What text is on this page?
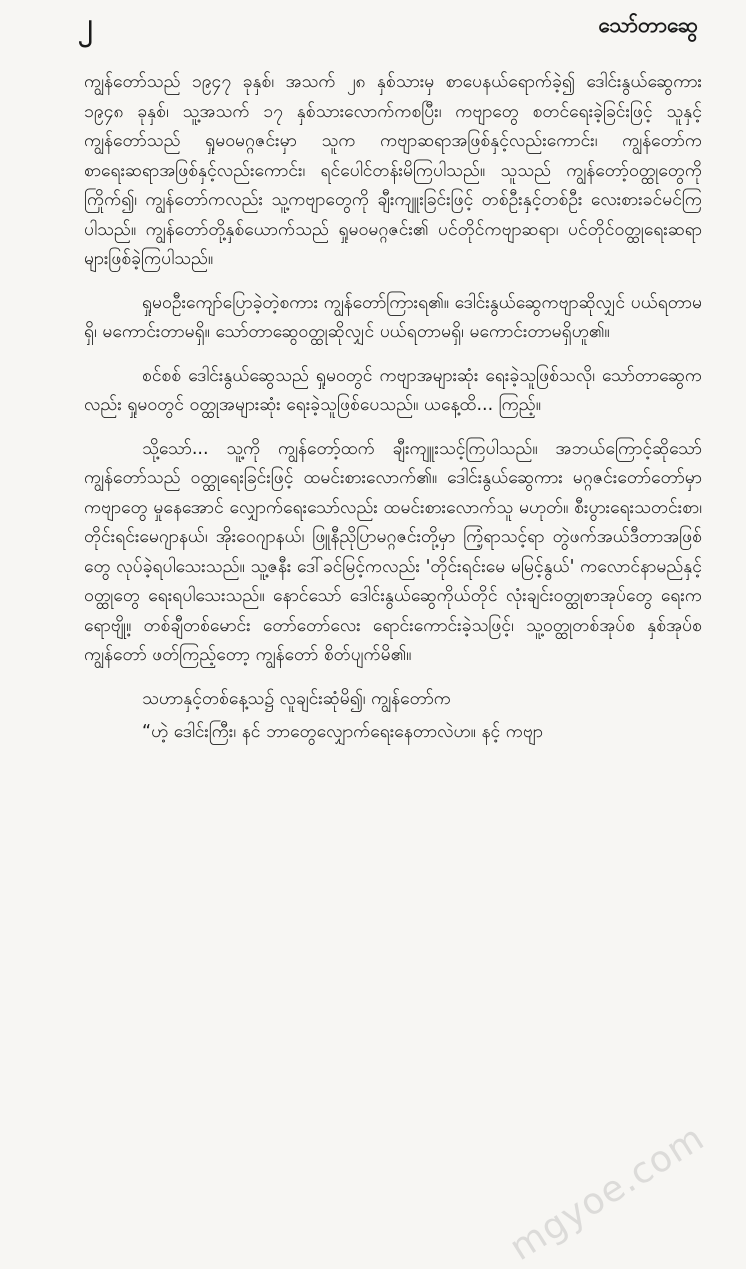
၂	သော်တာဆွေ

ကျွန်တော်သည် ၁၉၄၇ ခုနှစ်၊ အသက် ၂၈ နှစ်သားမှ စာပေနယ်ရောက်ခဲ့၍ ဒေါင်းနွယ်ဆွေကား ၁၉၄၈ ခုနှစ်၊ သူ့အသက် ၁၇ နှစ်သားလောက်ကစပြီး၊ ကဗျာတွေ စတင်ရေးခဲ့ခြင်းဖြင့် သူနှင့် ကျွန်တော်သည် ရှုမဝမဂ္ဂဇင်းမှာ သူက ကဗျာဆရာအဖြစ်နှင့်လည်းကောင်း၊ ကျွန်တော်က စာရေးဆရာအဖြစ်နှင့်လည်းကောင်း၊ ရင်ပေါင်တန်းမိကြပါသည်။ သူသည် ကျွန်တော့်ဝတ္ထုတွေကို ကြိုက်၍၊ ကျွန်တော်ကလည်း သူ့ကဗျာတွေကို ချီးကျူးခြင်းဖြင့် တစ်ဦးနှင့်တစ်ဦး လေးစားခင်မင်ကြပါသည်။ ကျွန်တော်တို့နှစ်ယောက်သည် ရှုမဝမဂ္ဂဇင်း၏ ပင်တိုင်ကဗျာဆရာ၊ ပင်တိုင်ဝတ္ထုရေးဆရာများဖြစ်ခဲ့ကြပါသည်။

ရှုမဝဦးကျော်ပြောခဲ့တဲ့စကား ကျွန်တော်ကြားရ၏။ ဒေါင်းနွယ်ဆွေကဗျာဆိုလျှင် ပယ်ရတာမရှိ၊ မကောင်းတာမရှိ။ သော်တာဆွေဝတ္ထုဆိုလျှင် ပယ်ရတာမရှိ၊ မကောင်းတာမရှိဟူ၏။

စင်စစ် ဒေါင်းနွယ်ဆွေသည် ရှုမဝတွင် ကဗျာအများဆုံး ရေးခဲ့သူဖြစ်သလို၊ သော်တာဆွေကလည်း ရှုမဝတွင် ဝတ္ထုအများဆုံး ရေးခဲ့သူဖြစ်ပေသည်။ ယနေ့ထိ... ကြည့်။

သို့သော်... သူ့ကို ကျွန်တော့်ထက် ချီးကျူးသင့်ကြပါသည်။ အဘယ်ကြောင့်ဆိုသော် ကျွန်တော်သည် ဝတ္ထုရေးခြင်းဖြင့် ထမင်းစားလောက်၏။ ဒေါင်းနွယ်ဆွေကား မဂ္ဂဇင်းတော်တော်မှာ ကဗျာတွေ မှုနေအောင် လျှောက်ရေးသော်လည်း ထမင်းစားလောက်သူ မဟုတ်။ စီးပွားရေးသတင်းစာ၊ တိုင်းရင်းမေဂျာနယ်၊ အိုးဝေဂျာနယ်၊ ဖြူနီညိုပြာမဂ္ဂဇင်းတို့မှာ ကြံ့ရာသင့်ရာ တွဲဖက်အယ်ဒီတာအဖြစ်တွေ လုပ်ခဲ့ရပါသေးသည်။ သူ့ဇနီး ဒေါ်ခင်မြင့်ကလည်း 'တိုင်းရင်းမေ မမြင့်နွယ်' ကလောင်နာမည်နှင့် ဝတ္ထုတွေ ရေးရပါသေးသည်။ နောင်သော် ဒေါင်းနွယ်ဆွေကိုယ်တိုင် လုံးချင်းဝတ္ထုစာအုပ်တွေ ရေးကရောဗျို့။ တစ်ချီတစ်မောင်း တော်တော်လေး ရောင်းကောင်းခဲ့သဖြင့်၊ သူ့ဝတ္ထုတစ်အုပ်စ နှစ်အုပ်စ ကျွန်တော် ဖတ်ကြည့်တော့ ကျွန်တော် စိတ်ပျက်မိ၏။

သဟာနှင့်တစ်နေ့သ၌ လူချင်းဆုံမိ၍၊ ကျွန်တော်က

“ဟဲ့ ဒေါင်းကြီး၊ နင် ဘာတွေလျှောက်ရေးနေတာလဲဟ။ နင့် ကဗျာ

mgyoe.com
